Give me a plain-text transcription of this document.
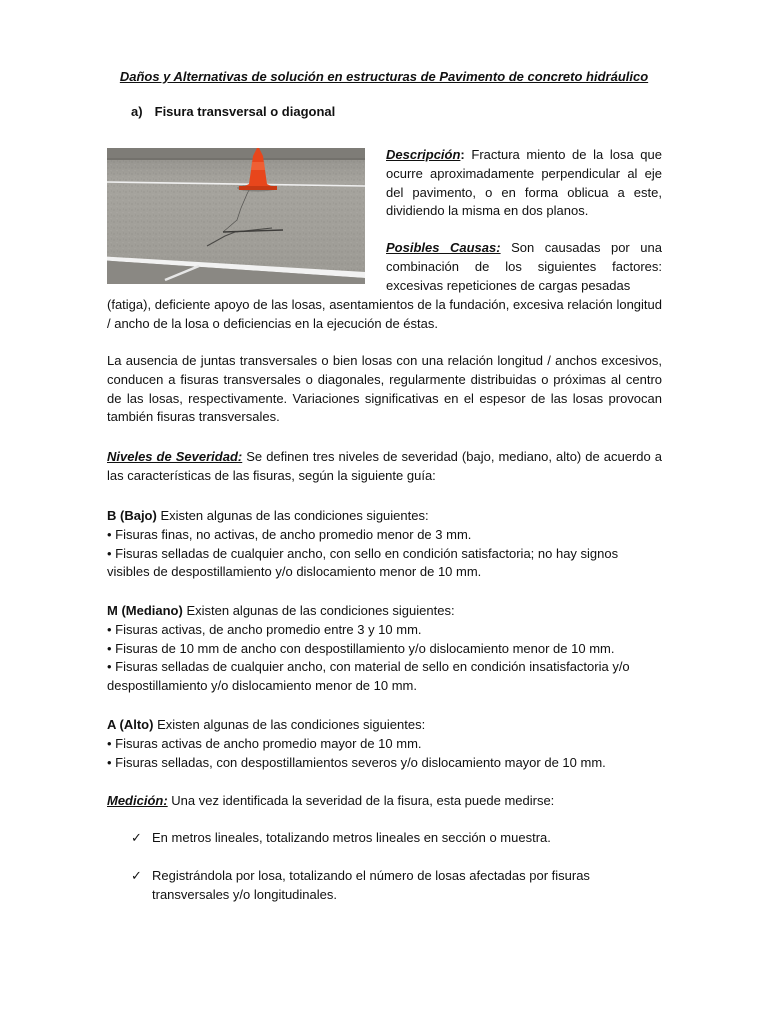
Daños y Alternativas de solución en estructuras de Pavimento de concreto hidráulico
a) Fisura transversal o diagonal
Descripción: Fractura miento de la losa que ocurre aproximadamente perpendicular al eje del pavimento, o en forma oblicua a este, dividiendo la misma en dos planos.
Posibles Causas: Son causadas por una combinación de los siguientes factores: excesivas repeticiones de cargas pesadas
(fatiga), deficiente apoyo de las losas, asentamientos de la fundación, excesiva relación longitud / ancho de la losa o deficiencias en la ejecución de éstas.
La ausencia de juntas transversales o bien losas con una relación longitud / anchos excesivos, conducen a fisuras transversales o diagonales, regularmente distribuidas o próximas al centro de las losas, respectivamente. Variaciones significativas en el espesor de las losas provocan también fisuras transversales.
Niveles de Severidad: Se definen tres niveles de severidad (bajo, mediano, alto) de acuerdo a las características de las fisuras, según la siguiente guía:
B (Bajo) Existen algunas de las condiciones siguientes:
• Fisuras finas, no activas, de ancho promedio menor de 3 mm.
• Fisuras selladas de cualquier ancho, con sello en condición satisfactoria; no hay signos visibles de despostillamiento y/o dislocamiento menor de 10 mm.
M (Mediano) Existen algunas de las condiciones siguientes:
• Fisuras activas, de ancho promedio entre 3 y 10 mm.
• Fisuras de 10 mm de ancho con despostillamiento y/o dislocamiento menor de 10 mm.
• Fisuras selladas de cualquier ancho, con material de sello en condición insatisfactoria y/o despostillamiento y/o dislocamiento menor de 10 mm.
A (Alto) Existen algunas de las condiciones siguientes:
• Fisuras activas de ancho promedio mayor de 10 mm.
• Fisuras selladas, con despostillamientos severos y/o dislocamiento mayor de 10 mm.
Medición: Una vez identificada la severidad de la fisura, esta puede medirse:
✓ En metros lineales, totalizando metros lineales en sección o muestra.
✓ Registrándola por losa, totalizando el número de losas afectadas por fisuras transversales y/o longitudinales.
